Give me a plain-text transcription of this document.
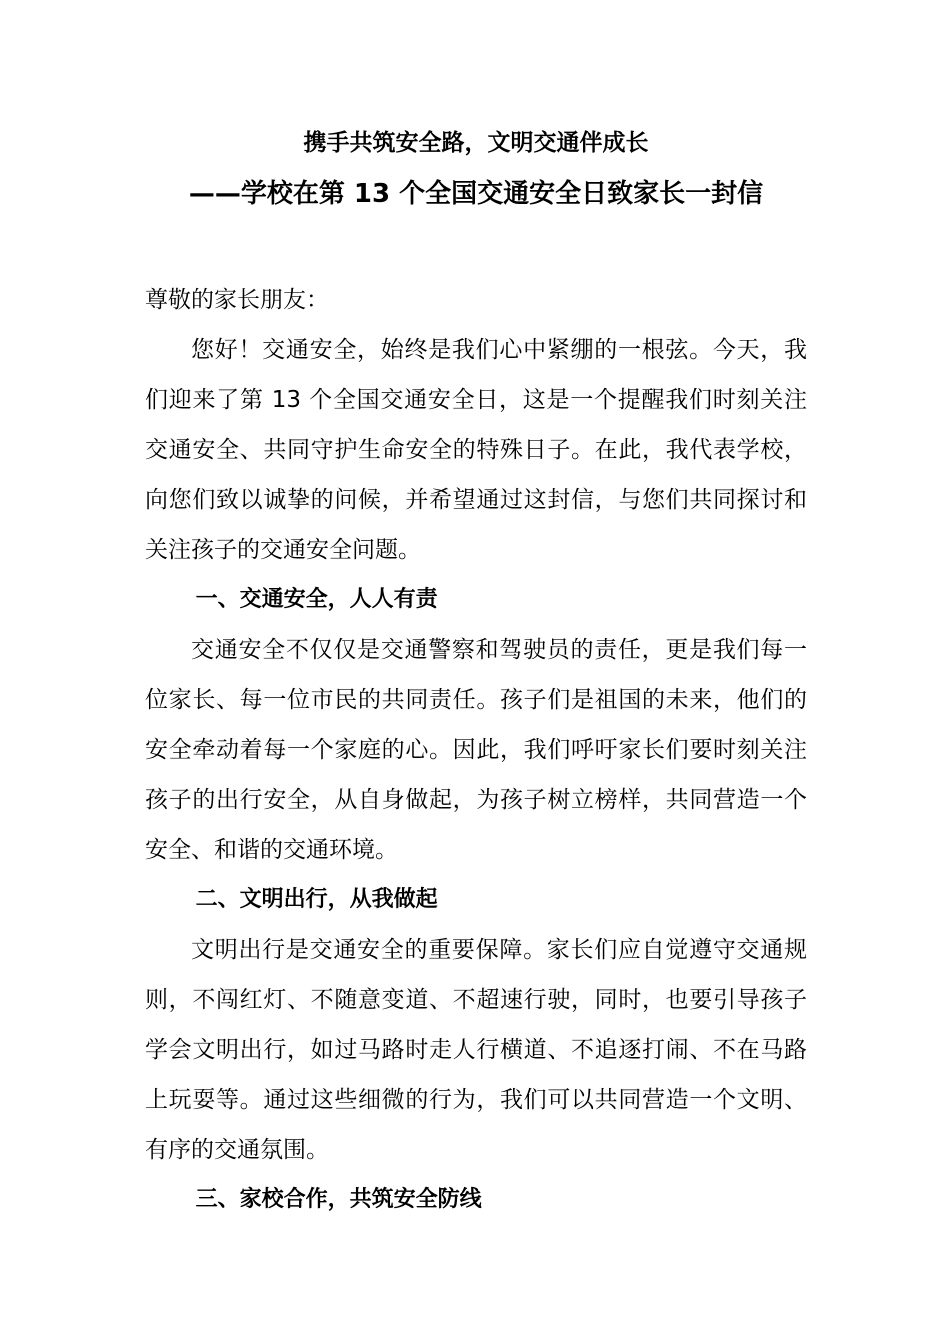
携手共筑安全路，文明交通伴成长
——学校在第 13 个全国交通安全日致家长一封信

尊敬的家长朋友：

您好！交通安全，始终是我们心中紧绷的一根弦。今天，我们迎来了第 13 个全国交通安全日，这是一个提醒我们时刻关注交通安全、共同守护生命安全的特殊日子。在此，我代表学校，向您们致以诚挚的问候，并希望通过这封信，与您们共同探讨和关注孩子的交通安全问题。

一、交通安全，人人有责

交通安全不仅仅是交通警察和驾驶员的责任，更是我们每一位家长、每一位市民的共同责任。孩子们是祖国的未来，他们的安全牵动着每一个家庭的心。因此，我们呼吁家长们要时刻关注孩子的出行安全，从自身做起，为孩子树立榜样，共同营造一个安全、和谐的交通环境。

二、文明出行，从我做起

文明出行是交通安全的重要保障。家长们应自觉遵守交通规则，不闯红灯、不随意变道、不超速行驶，同时，也要引导孩子学会文明出行，如过马路时走人行横道、不追逐打闹、不在马路上玩耍等。通过这些细微的行为，我们可以共同营造一个文明、有序的交通氛围。

三、家校合作，共筑安全防线
